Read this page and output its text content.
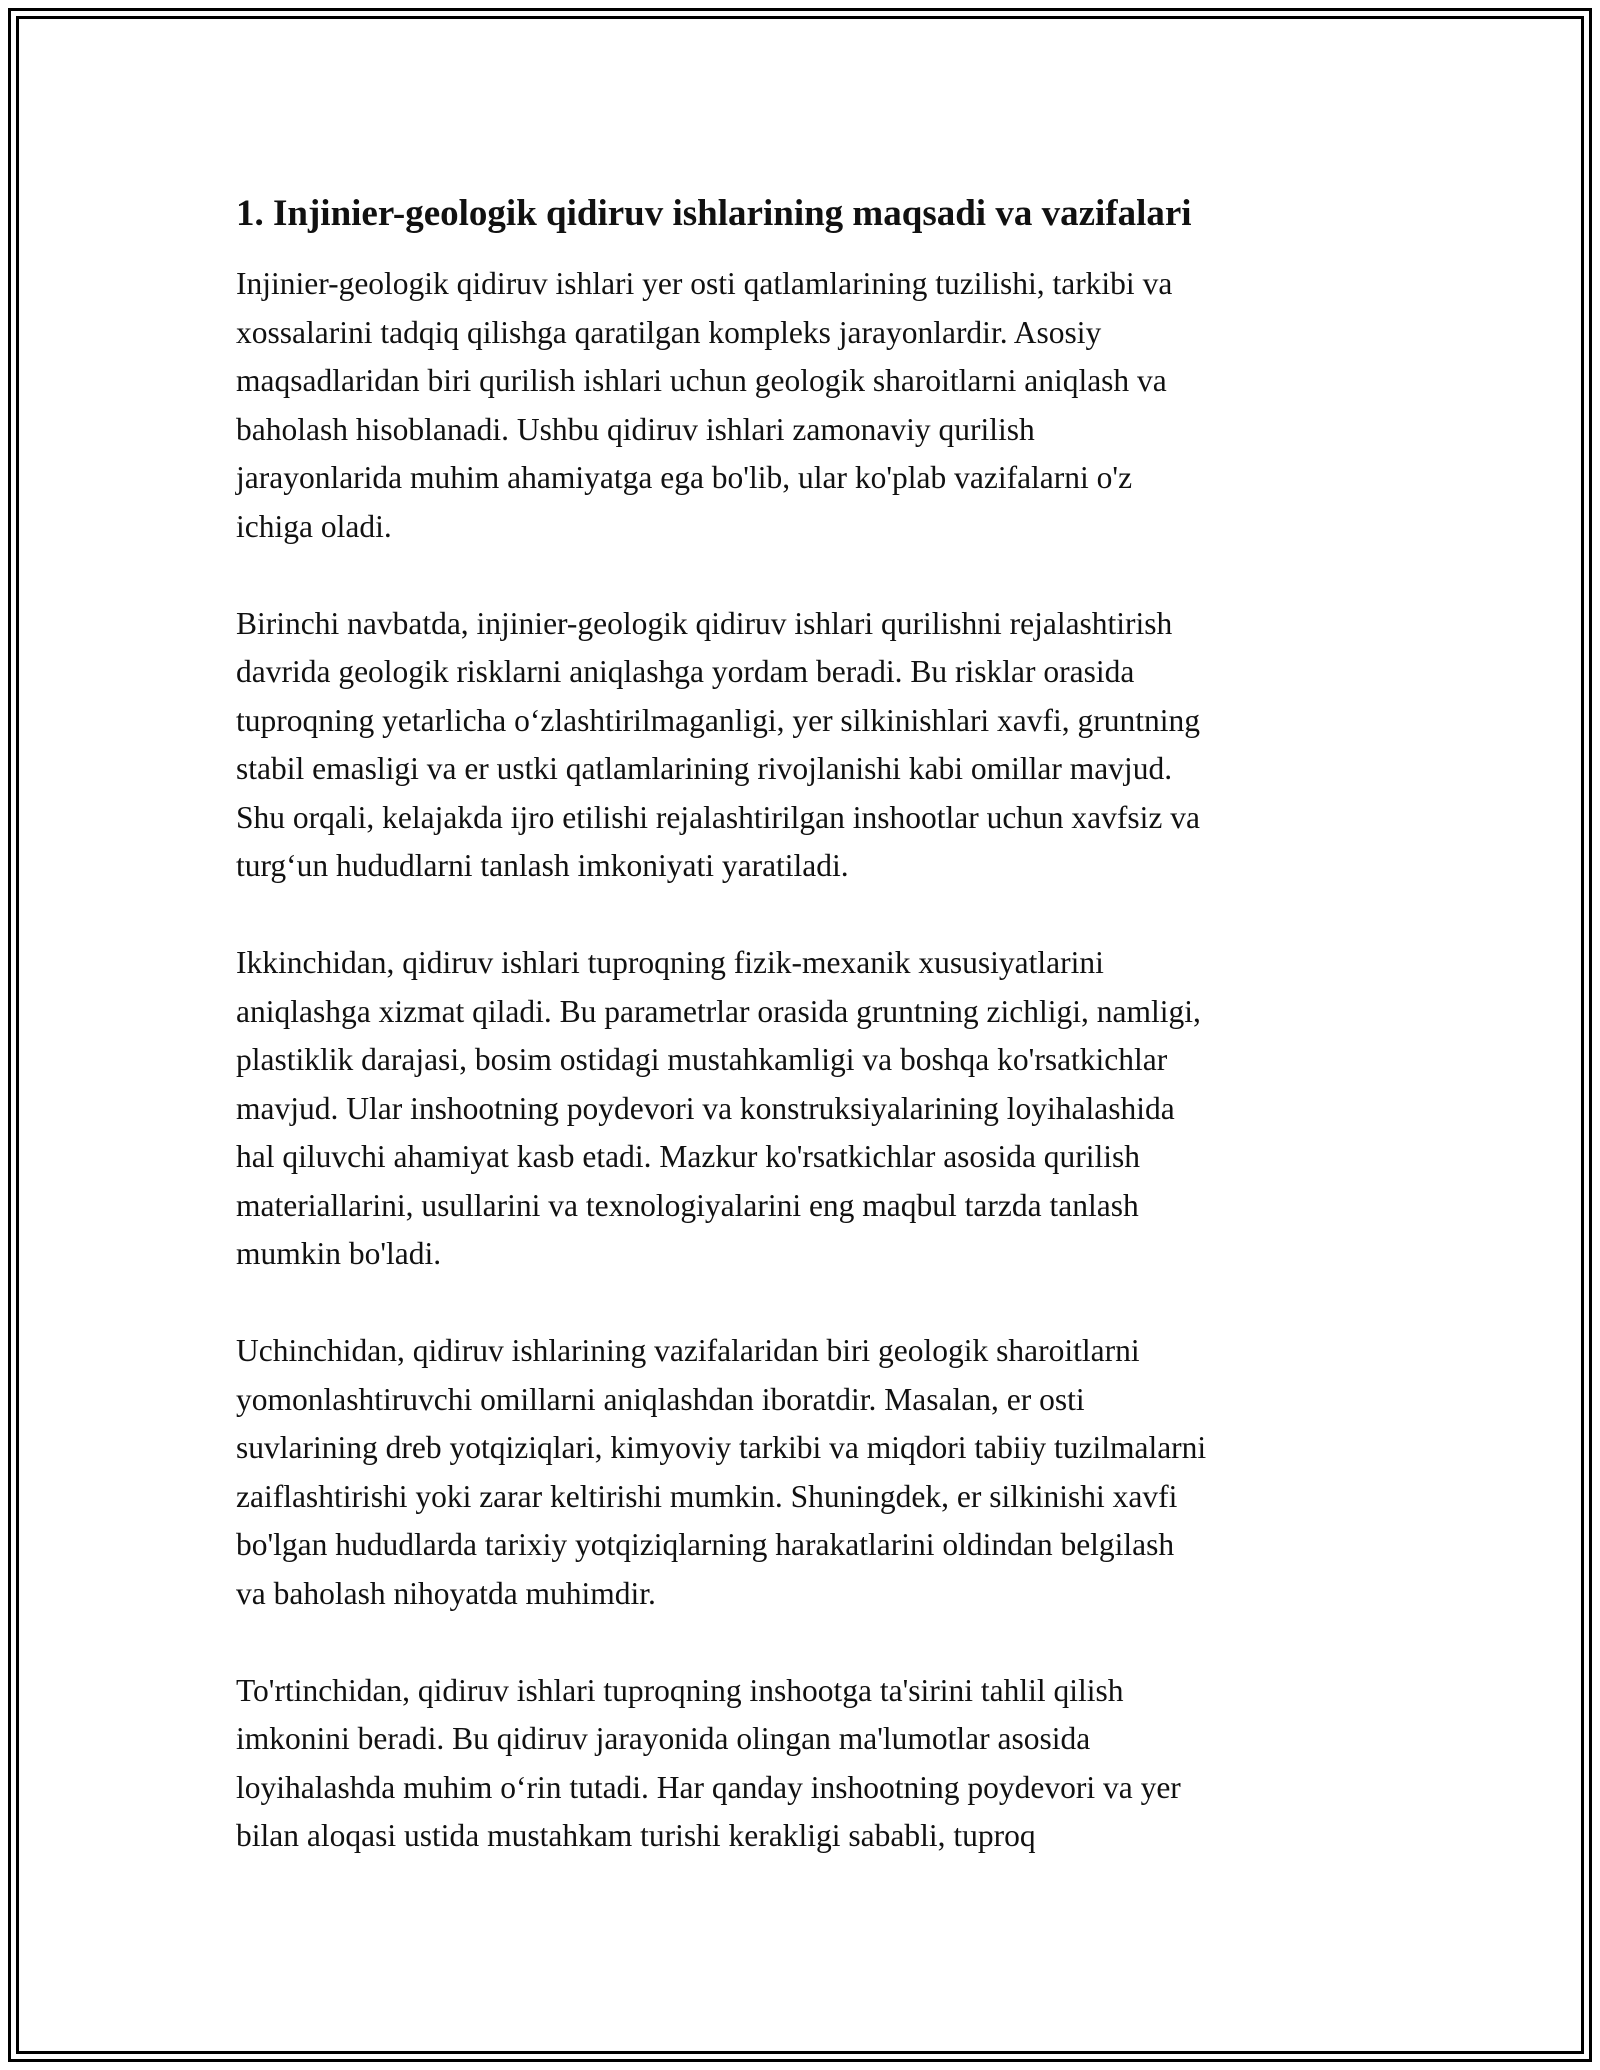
1. Injinier-geologik qidiruv ishlarining maqsadi va vazifalari
Injinier-geologik qidiruv ishlari yer osti qatlamlarining tuzilishi, tarkibi va
xossalarini tadqiq qilishga qaratilgan kompleks jarayonlardir. Asosiy
maqsadlaridan biri qurilish ishlari uchun geologik sharoitlarni aniqlash va
baholash hisoblanadi. Ushbu qidiruv ishlari zamonaviy qurilish
jarayonlarida muhim ahamiyatga ega bo'lib, ular ko'plab vazifalarni o'z
ichiga oladi.
Birinchi navbatda, injinier-geologik qidiruv ishlari qurilishni rejalashtirish
davrida geologik risklarni aniqlashga yordam beradi. Bu risklar orasida
tuproqning yetarlicha o‘zlashtirilmaganligi, yer silkinishlari xavfi, gruntning
stabil emasligi va er ustki qatlamlarining rivojlanishi kabi omillar mavjud.
Shu orqali, kelajakda ijro etilishi rejalashtirilgan inshootlar uchun xavfsiz va
turg‘un hududlarni tanlash imkoniyati yaratiladi.
Ikkinchidan, qidiruv ishlari tuproqning fizik-mexanik xususiyatlarini
aniqlashga xizmat qiladi. Bu parametrlar orasida gruntning zichligi, namligi,
plastiklik darajasi, bosim ostidagi mustahkamligi va boshqa ko'rsatkichlar
mavjud. Ular inshootning poydevori va konstruksiyalarining loyihalashida
hal qiluvchi ahamiyat kasb etadi. Mazkur ko'rsatkichlar asosida qurilish
materiallarini, usullarini va texnologiyalarini eng maqbul tarzda tanlash
mumkin bo'ladi.
Uchinchidan, qidiruv ishlarining vazifalaridan biri geologik sharoitlarni
yomonlashtiruvchi omillarni aniqlashdan iboratdir. Masalan, er osti
suvlarining dreb yotqiziqlari, kimyoviy tarkibi va miqdori tabiiy tuzilmalarni
zaiflashtirishi yoki zarar keltirishi mumkin. Shuningdek, er silkinishi xavfi
bo'lgan hududlarda tarixiy yotqiziqlarning harakatlarini oldindan belgilash
va baholash nihoyatda muhimdir.
To'rtinchidan, qidiruv ishlari tuproqning inshootga ta'sirini tahlil qilish
imkonini beradi. Bu qidiruv jarayonida olingan ma'lumotlar asosida
loyihalashda muhim o‘rin tutadi. Har qanday inshootning poydevori va yer
bilan aloqasi ustida mustahkam turishi kerakligi sababli, tuproq
